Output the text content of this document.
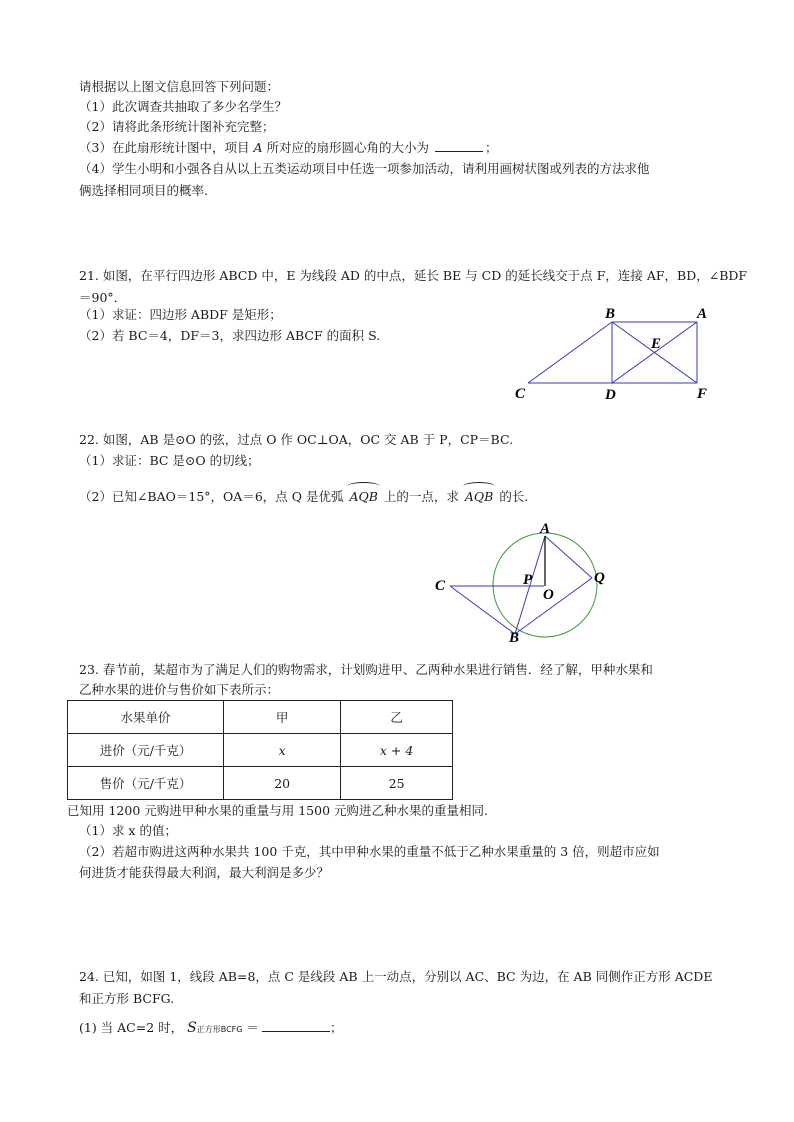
请根据以上图文信息回答下列问题：
（1）此次调查共抽取了多少名学生？
（2）请将此条形统计图补充完整；
（3）在此扇形统计图中，项目 A 所对应的扇形圆心角的大小为	；
（4）学生小明和小强各自从以上五类运动项目中任选一项参加活动，请利用画树状图或列表的方法求他
俩选择相同项目的概率.
21. 如图，在平行四边形 ABCD 中，E 为线段 AD 的中点，延长 BE 与 CD 的延长线交于点 F，连接 AF，BD，∠BDF
＝90°．
（1）求证：四边形 ABDF 是矩形；
（2）若 BC＝4，DF＝3，求四边形 ABCF 的面积 S.
B	A
E
C	D	F
22. 如图，AB 是⊙O 的弦，过点 O 作 OC⊥OA，OC 交 AB 于 P，CP＝BC.
（1）求证：BC 是⊙O 的切线；
（2）已知∠BAO＝15°，OA＝6，点 Q 是优弧 AQB 上的一点，求 AQB 的长.
A
C	P	Q
O
B
23. 春节前，某超市为了满足人们的购物需求，计划购进甲、乙两种水果进行销售．经了解，甲种水果和
乙种水果的进价与售价如下表所示：
水果单价	甲	乙
进价（元/千克）	x	x + 4
售价（元/千克）	20	25
已知用 1200 元购进甲种水果的重量与用 1500 元购进乙种水果的重量相同.
（1）求 x 的值；
（2）若超市购进这两种水果共 100 千克，其中甲种水果的重量不低于乙种水果重量的 3 倍，则超市应如
何进货才能获得最大利润，最大利润是多少？
24. 已知，如图 1，线段 AB=8，点 C 是线段 AB 上一动点，分别以 AC、BC 为边，在 AB 同侧作正方形 ACDE
和正方形 BCFG.
(1) 当 AC=2 时， S正方形BCFG ＝	；
